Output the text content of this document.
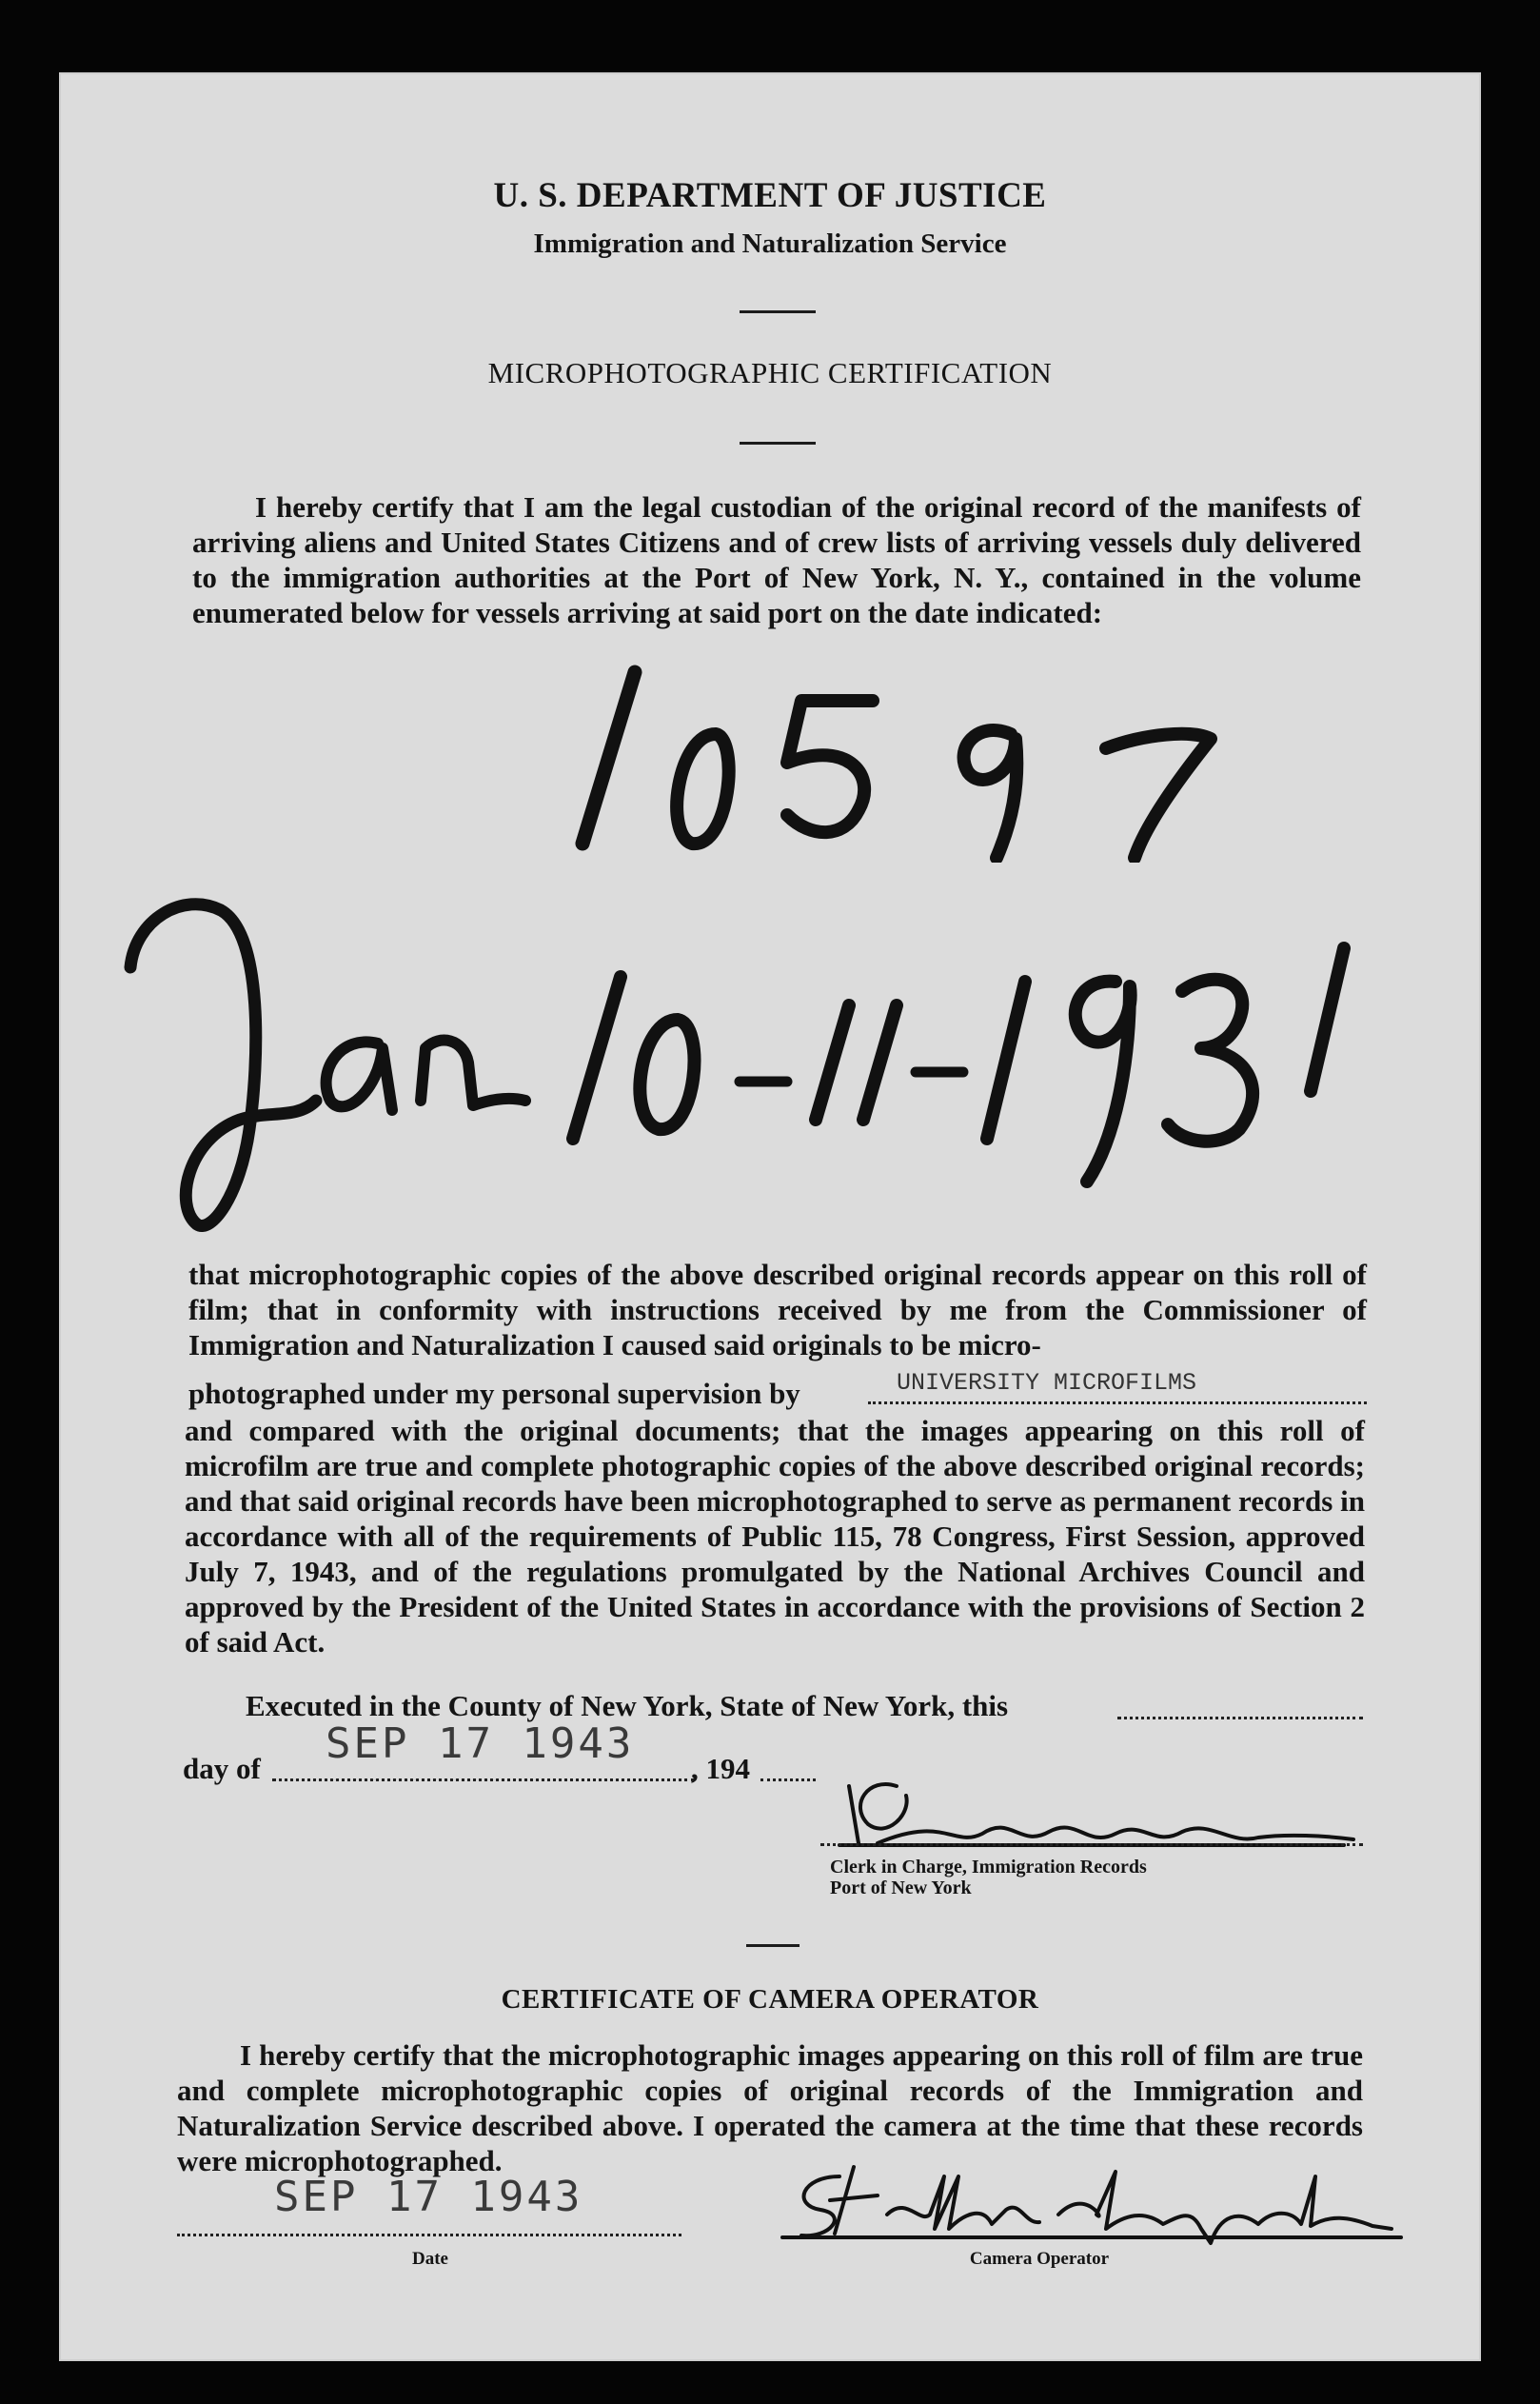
U. S. DEPARTMENT OF JUSTICE
Immigration and Naturalization Service
MICROPHOTOGRAPHIC CERTIFICATION

I hereby certify that I am the legal custodian of the original record of the manifests of arriving aliens and United States Citizens and of crew lists of arriving vessels duly delivered to the immigration authorities at the Port of New York, N. Y., contained in the volume enumerated below for vessels arriving at said port on the date indicated:

that microphotographic copies of the above described original records appear on this roll of film; that in conformity with instructions received by me from the Commissioner of Immigration and Naturalization I caused said originals to be micro-

photographed under my personal supervision by	UNIVERSITY MICROFILMS

and compared with the original documents; that the images appearing on this roll of microfilm are true and complete photographic copies of the above described original records; and that said original records have been microphotographed to serve as permanent records in accordance with all of the requirements of Public 115, 78 Congress, First Session, approved July 7, 1943, and of the regulations promulgated by the National Archives Council and approved by the President of the United States in accordance with the provisions of Section 2 of said Act.

Executed in the County of New York, State of New York, this
day of
SEP 17 1943
, 194
Clerk in Charge, Immigration Records
Port of New York
CERTIFICATE OF CAMERA OPERATOR

I hereby certify that the microphotographic images appearing on this roll of film are true and complete microphotographic copies of original records of the Immigration and Naturalization Service described above. I operated the camera at the time that these records were microphotographed.

SEP 17 1943
Date	Camera Operator
